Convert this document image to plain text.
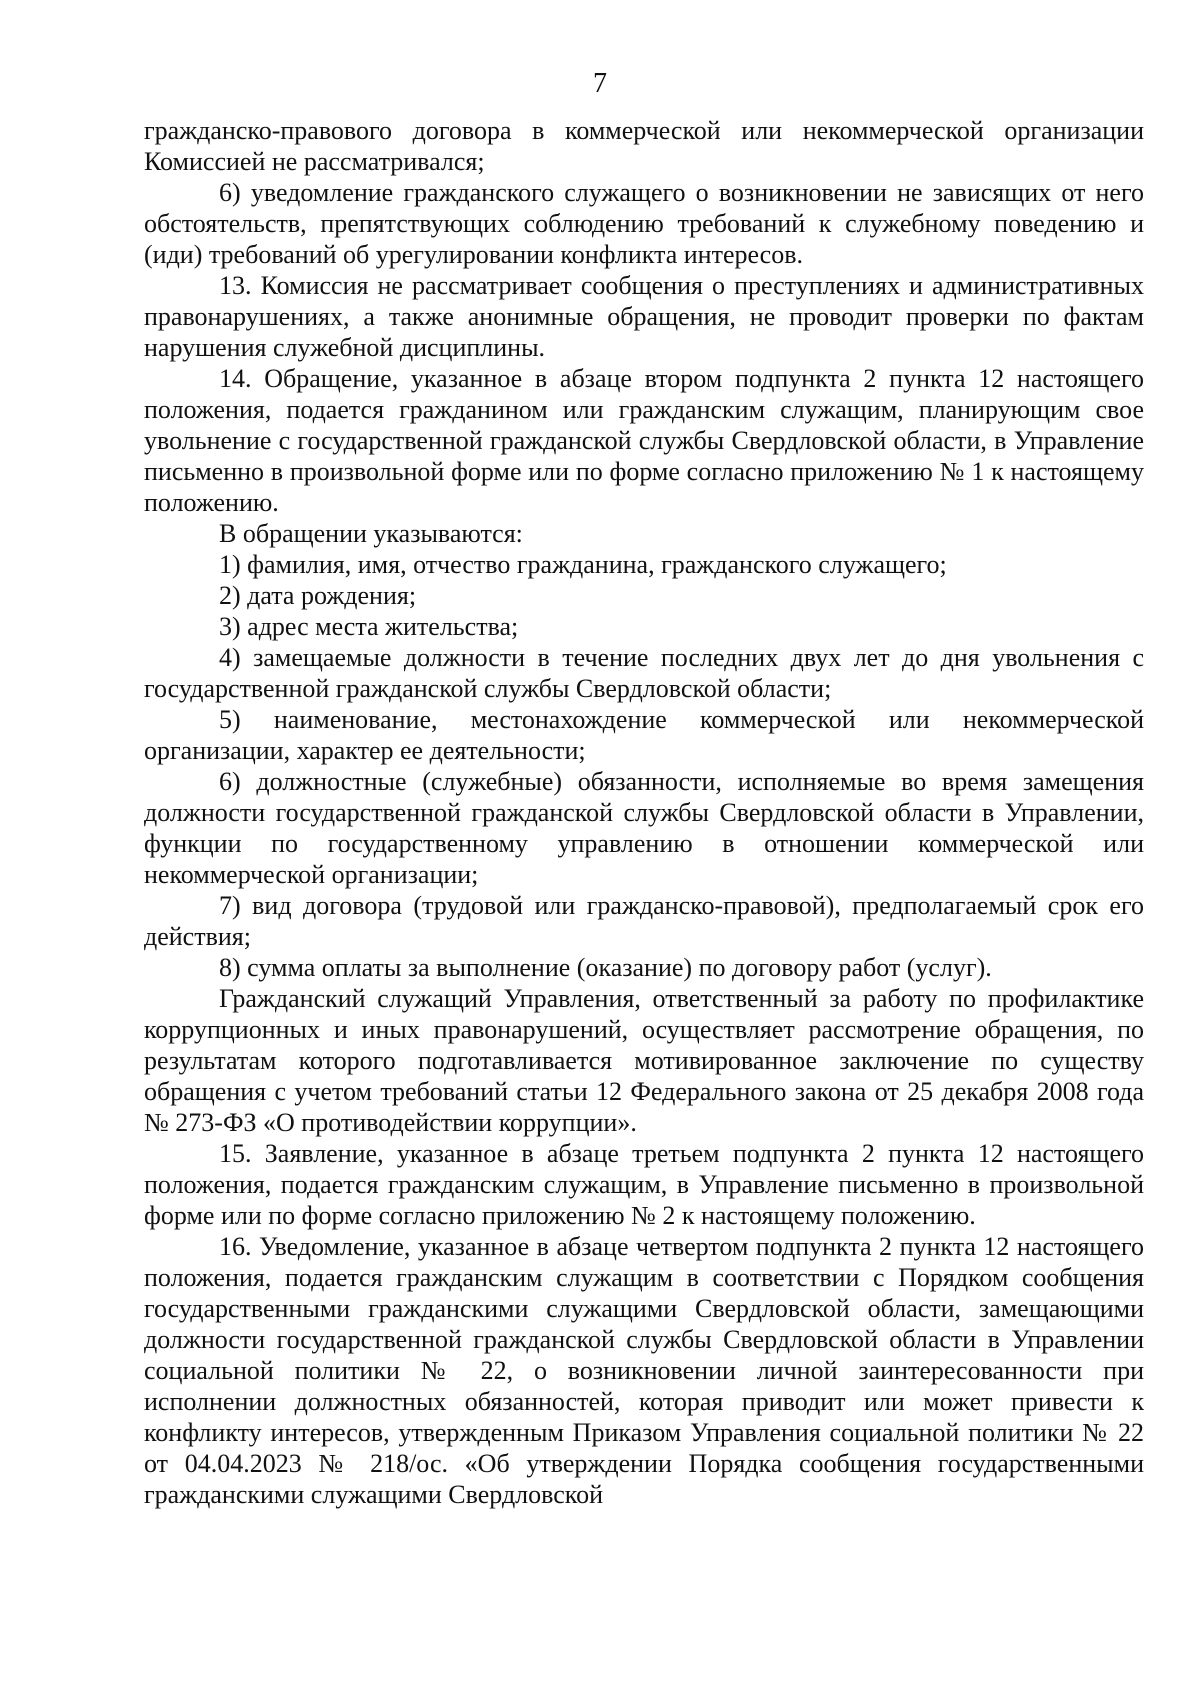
7

гражданско-правового договора в коммерческой или некоммерческой организации Комиссией не рассматривался;

6) уведомление гражданского служащего о возникновении не зависящих от него обстоятельств, препятствующих соблюдению требований к служебному поведению и (иди) требований об урегулировании конфликта интересов.

13. Комиссия не рассматривает сообщения о преступлениях и административных правонарушениях, а также анонимные обращения, не проводит проверки по фактам нарушения служебной дисциплины.

14. Обращение, указанное в абзаце втором подпункта 2 пункта 12 настоящего положения, подается гражданином или гражданским служащим, планирующим свое увольнение с государственной гражданской службы Свердловской области, в Управление письменно в произвольной форме или по форме согласно приложению № 1 к настоящему положению.

В обращении указываются:

1) фамилия, имя, отчество гражданина, гражданского служащего;

2) дата рождения;

3) адрес места жительства;

4) замещаемые должности в течение последних двух лет до дня увольнения с государственной гражданской службы Свердловской области;

5) наименование, местонахождение коммерческой или некоммерческой организации, характер ее деятельности;

6) должностные (служебные) обязанности, исполняемые во время замещения должности государственной гражданской службы Свердловской области в Управлении, функции по государственному управлению в отношении коммерческой или некоммерческой организации;

7) вид договора (трудовой или гражданско-правовой), предполагаемый срок его действия;

8) сумма оплаты за выполнение (оказание) по договору работ (услуг).

Гражданский служащий Управления, ответственный за работу по профилактике коррупционных и иных правонарушений, осуществляет рассмотрение обращения, по результатам которого подготавливается мотивированное заключение по существу обращения с учетом требований статьи 12 Федерального закона от 25 декабря 2008 года № 273-ФЗ «О противодействии коррупции».

15. Заявление, указанное в абзаце третьем подпункта 2 пункта 12 настоящего положения, подается гражданским служащим, в Управление письменно в произвольной форме или по форме согласно приложению № 2 к настоящему положению.

16. Уведомление, указанное в абзаце четвертом подпункта 2 пункта 12 настоящего положения, подается гражданским служащим в соответствии с Порядком сообщения государственными гражданскими служащими Свердловской области, замещающими должности государственной гражданской службы Свердловской области в Управлении социальной политики № 22, о возникновении личной заинтересованности при исполнении должностных обязанностей, которая приводит или может привести к конфликту интересов, утвержденным Приказом Управления социальной политики № 22 от 04.04.2023 № 218/ос. «Об утверждении Порядка сообщения государственными гражданскими служащими Свердловской
